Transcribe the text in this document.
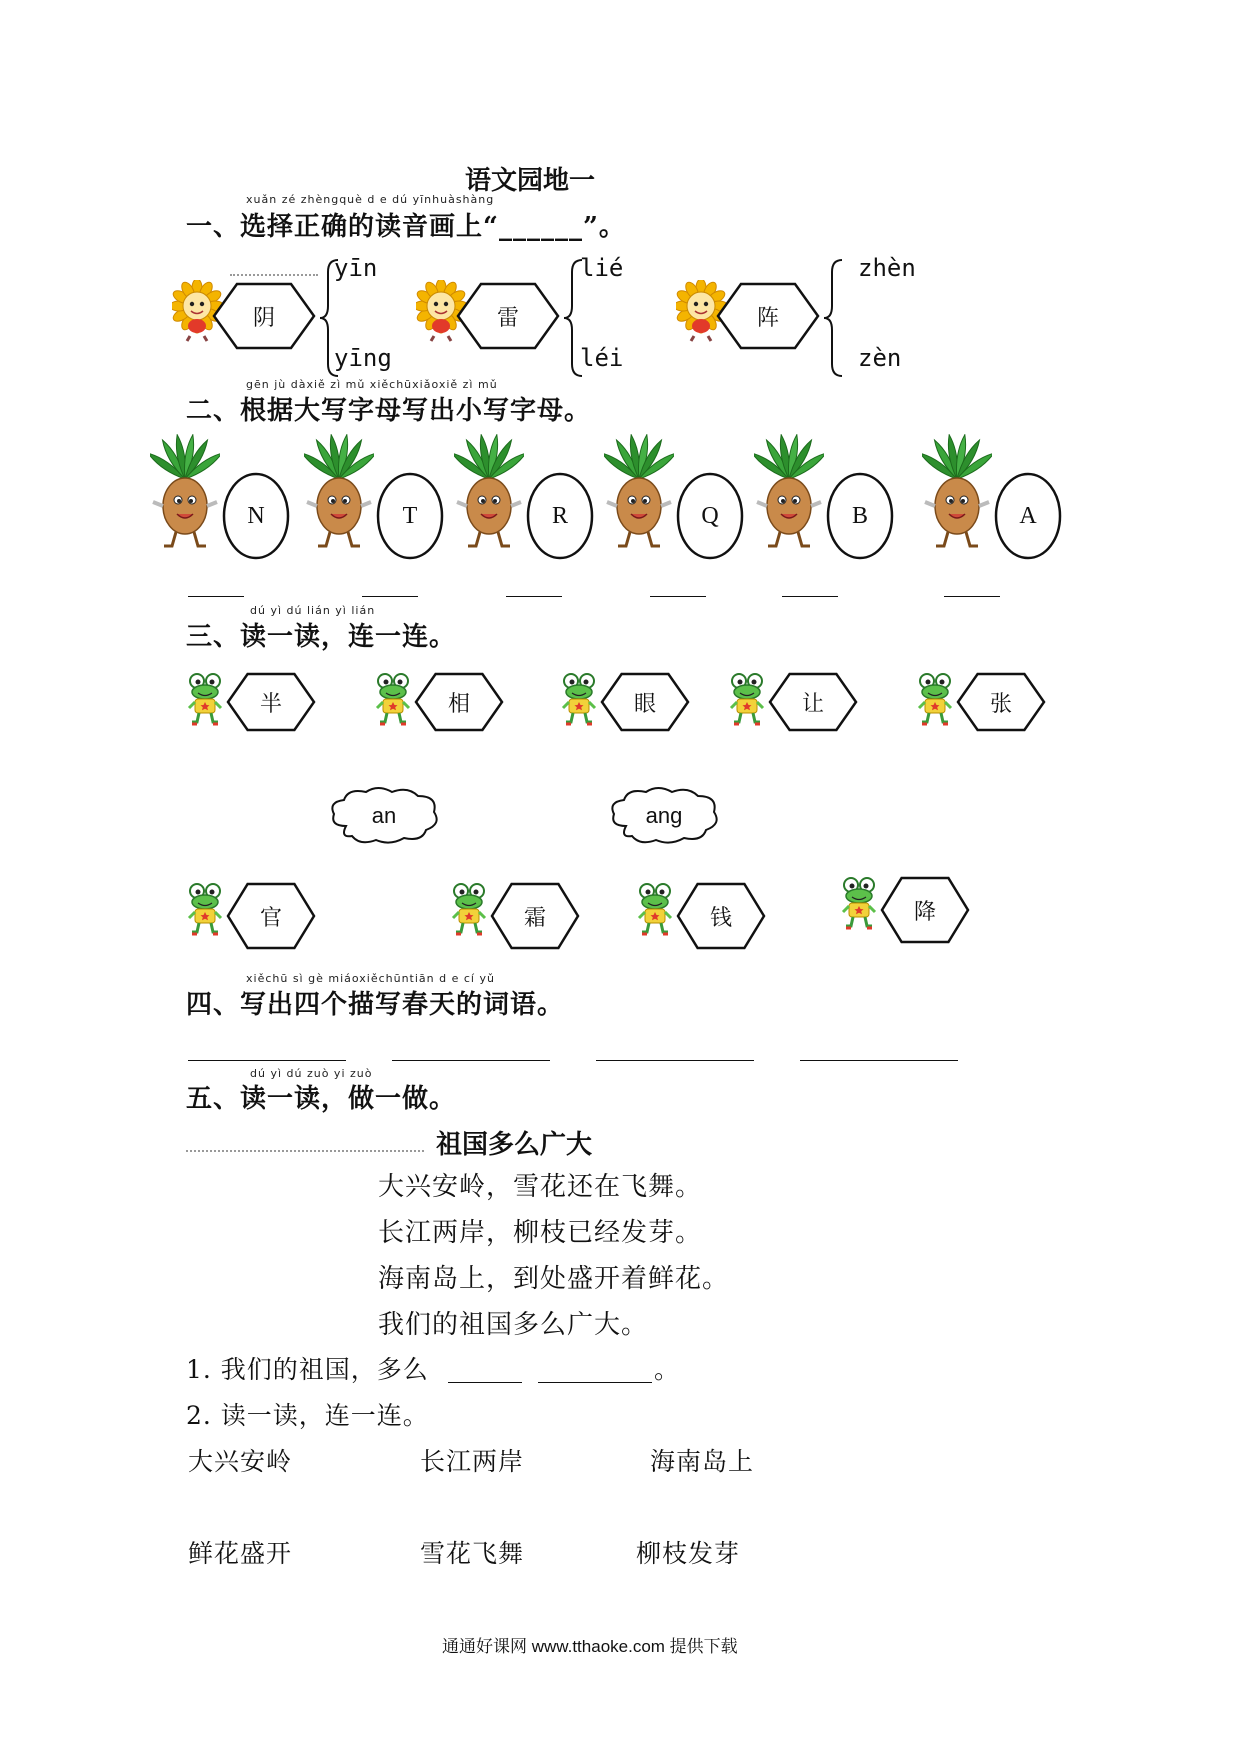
语文园地一
xuǎn zé zhèngquè d e dú yīnhuàshàng
一、选择正确的读音画上“______”。
阴
yīn
yīng
雷
lié
léi
阵
zhèn
zèn
gēn jù dàxiě zì mǔ xiěchūxiǎoxiě zì mǔ
二、根据大写字母写出小写字母。
N	T	R	Q	B	A
dú yì dú lián yì lián
三、读一读，连一连。
半	相	眼	让	张
an	ang
官	霜	钱	降
xiěchū sì gè miáoxiěchūntiān d e cí yǔ
四、写出四个描写春天的词语。
dú yì dú zuò yi zuò
五、读一读，做一做。
祖国多么广大
大兴安岭，雪花还在飞舞。
长江两岸，柳枝已经发芽。
海南岛上，到处盛开着鲜花。
我们的祖国多么广大。
1. 我们的祖国，多么	。
2. 读一读，连一连。
大兴安岭	长江两岸	海南岛上
鲜花盛开	雪花飞舞	柳枝发芽
通通好课网 www.tthaoke.com 提供下载
